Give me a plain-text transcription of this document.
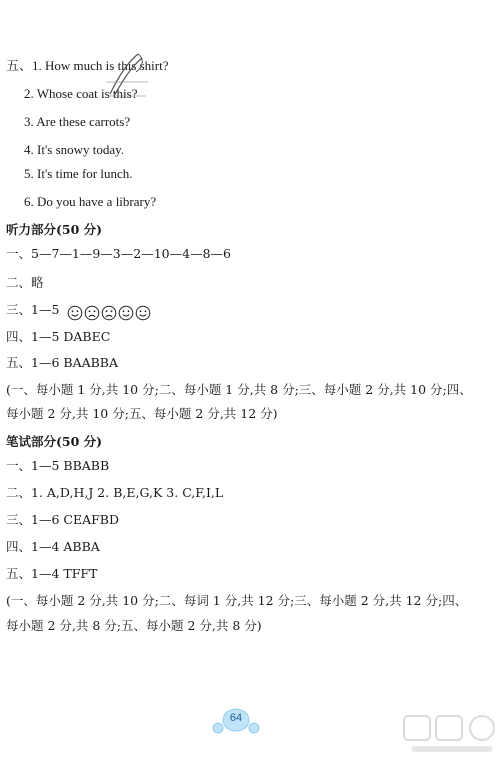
五、1. How much is this shirt?
2. Whose coat is this?
3. Are these carrots?
4. It's snowy today.
5. It's time for lunch.
6. Do you have a library?
听力部分(50 分)
一、5—7—1—9—3—2—10—4—8—6
二、略
三、1—5
四、1—5 DABEC
五、1—6 BAABBA
(一、每小题 1 分,共 10 分;二、每小题 1 分,共 8 分;三、每小题 2 分,共 10 分;四、
每小题 2 分,共 10 分;五、每小题 2 分,共 12 分)
笔试部分(50 分)
一、1—5 BBABB
二、1. A,D,H,J 2. B,E,G,K 3. C,F,I,L
三、1—6 CEAFBD
四、1—4 ABBA
五、1—4 TFFT
(一、每小题 2 分,共 10 分;二、每词 1 分,共 12 分;三、每小题 2 分,共 12 分;四、
每小题 2 分,共 8 分;五、每小题 2 分,共 8 分)
64
